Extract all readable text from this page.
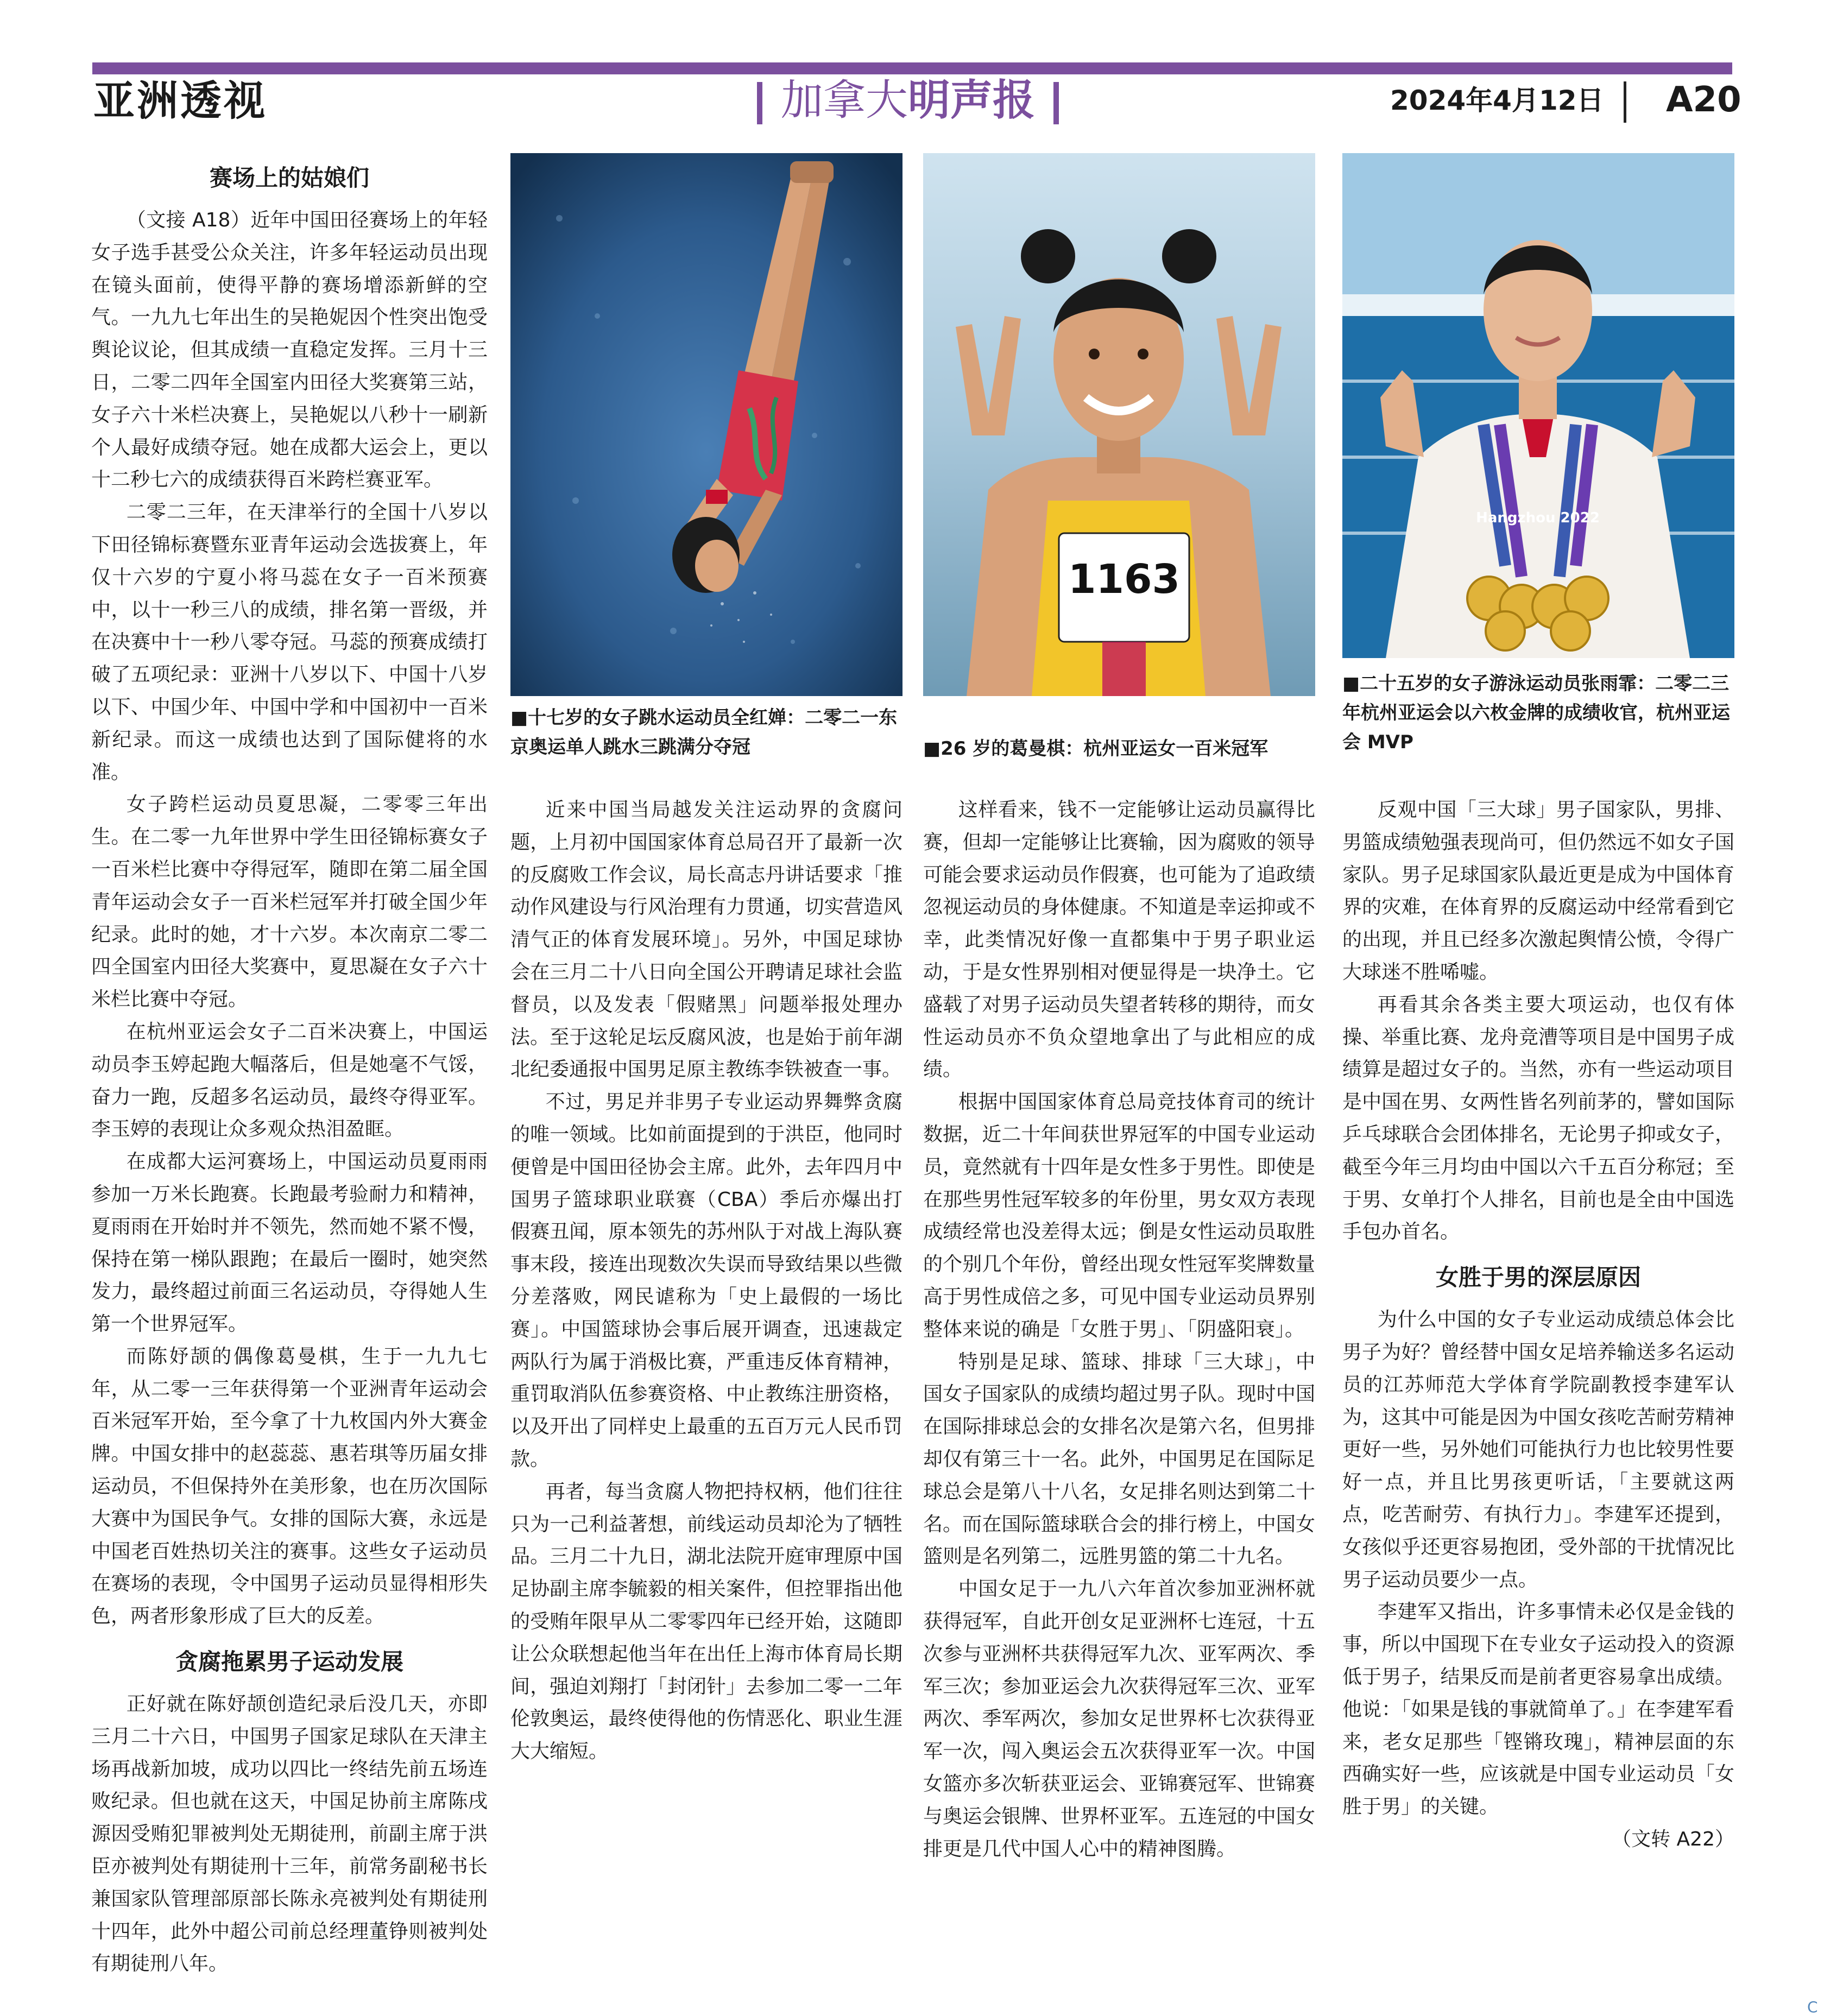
亚洲透视	加拿大明声报	2024年4月12日 A20
■十七岁的女子跳水运动员全红婵：二零二一东京奥运单人跳水三跳满分夺冠
1163
■26 岁的葛曼棋：杭州亚运女一百米冠军
Hangzhou 2022
■二十五岁的女子游泳运动员张雨霏：二零二三年杭州亚运会以六枚金牌的成绩收官，杭州亚运会 MVP
赛场上的姑娘们

（文接 A18）近年中国田径赛场上的年轻女子选手甚受公众关注，许多年轻运动员出现在镜头面前，使得平静的赛场增添新鲜的空气。一九九七年出生的吴艳妮因个性突出饱受舆论议论，但其成绩一直稳定发挥。三月十三日，二零二四年全国室内田径大奖赛第三站，女子六十米栏决赛上，吴艳妮以八秒十一刷新个人最好成绩夺冠。她在成都大运会上，更以十二秒七六的成绩获得百米跨栏赛亚军。

二零二三年，在天津举行的全国十八岁以下田径锦标赛暨东亚青年运动会选拔赛上，年仅十六岁的宁夏小将马蕊在女子一百米预赛中，以十一秒三八的成绩，排名第一晋级，并在决赛中十一秒八零夺冠。马蕊的预赛成绩打破了五项纪录：亚洲十八岁以下、中国十八岁以下、中国少年、中国中学和中国初中一百米新纪录。而这一成绩也达到了国际健将的水准。

女子跨栏运动员夏思凝，二零零三年出生。在二零一九年世界中学生田径锦标赛女子一百米栏比赛中夺得冠军，随即在第二届全国青年运动会女子一百米栏冠军并打破全国少年纪录。此时的她，才十六岁。本次南京二零二四全国室内田径大奖赛中，夏思凝在女子六十米栏比赛中夺冠。

在杭州亚运会女子二百米决赛上，中国运动员李玉婷起跑大幅落后，但是她毫不气馁，奋力一跑，反超多名运动员，最终夺得亚军。李玉婷的表现让众多观众热泪盈眶。

在成都大运河赛场上，中国运动员夏雨雨参加一万米长跑赛。长跑最考验耐力和精神，夏雨雨在开始时并不领先，然而她不紧不慢，保持在第一梯队跟跑；在最后一圈时，她突然发力，最终超过前面三名运动员，夺得她人生第一个世界冠军。

而陈妤颉的偶像葛曼棋，生于一九九七年，从二零一三年获得第一个亚洲青年运动会百米冠军开始，至今拿了十九枚国内外大赛金牌。中国女排中的赵蕊蕊、惠若琪等历届女排运动员，不但保持外在美形象，也在历次国际大赛中为国民争气。女排的国际大赛，永远是中国老百姓热切关注的赛事。这些女子运动员在赛场的表现，令中国男子运动员显得相形失色，两者形象形成了巨大的反差。

贪腐拖累男子运动发展

正好就在陈妤颉创造纪录后没几天，亦即三月二十六日，中国男子国家足球队在天津主场再战新加坡，成功以四比一终结先前五场连败纪录。但也就在这天，中国足协前主席陈戌源因受贿犯罪被判处无期徒刑，前副主席于洪臣亦被判处有期徒刑十三年，前常务副秘书长兼国家队管理部原部长陈永亮被判处有期徒刑十四年，此外中超公司前总经理董铮则被判处有期徒刑八年。

近来中国当局越发关注运动界的贪腐问题，上月初中国国家体育总局召开了最新一次的反腐败工作会议，局长高志丹讲话要求「推动作风建设与行风治理有力贯通，切实营造风清气正的体育发展环境」。另外，中国足球协会在三月二十八日向全国公开聘请足球社会监督员，以及发表「假赌黑」问题举报处理办法。至于这轮足坛反腐风波，也是始于前年湖北纪委通报中国男足原主教练李铁被查一事。

不过，男足并非男子专业运动界舞弊贪腐的唯一领域。比如前面提到的于洪臣，他同时便曾是中国田径协会主席。此外，去年四月中国男子篮球职业联赛（CBA）季后亦爆出打假赛丑闻，原本领先的苏州队于对战上海队赛事末段，接连出现数次失误而导致结果以些微分差落败，网民谑称为「史上最假的一场比赛」。中国篮球协会事后展开调查，迅速裁定两队行为属于消极比赛，严重违反体育精神，重罚取消队伍参赛资格、中止教练注册资格，以及开出了同样史上最重的五百万元人民币罚款。

再者，每当贪腐人物把持权柄，他们往往只为一己利益著想，前线运动员却沦为了牺牲品。三月二十九日，湖北法院开庭审理原中国足协副主席李毓毅的相关案件，但控罪指出他的受贿年限早从二零零四年已经开始，这随即让公众联想起他当年在出任上海市体育局长期间，强迫刘翔打「封闭针」去参加二零一二年伦敦奥运，最终使得他的伤情恶化、职业生涯大大缩短。

这样看来，钱不一定能够让运动员赢得比赛，但却一定能够让比赛输，因为腐败的领导可能会要求运动员作假赛，也可能为了追政绩忽视运动员的身体健康。不知道是幸运抑或不幸，此类情况好像一直都集中于男子职业运动，于是女性界别相对便显得是一块净土。它盛载了对男子运动员失望者转移的期待，而女性运动员亦不负众望地拿出了与此相应的成绩。

根据中国国家体育总局竞技体育司的统计数据，近二十年间获世界冠军的中国专业运动员，竟然就有十四年是女性多于男性。即使是在那些男性冠军较多的年份里，男女双方表现成绩经常也没差得太远；倒是女性运动员取胜的个别几个年份，曾经出现女性冠军奖牌数量高于男性成倍之多，可见中国专业运动员界别整体来说的确是「女胜于男」、「阴盛阳衰」。

特别是足球、篮球、排球「三大球」，中国女子国家队的成绩均超过男子队。现时中国在国际排球总会的女排名次是第六名，但男排却仅有第三十一名。此外，中国男足在国际足球总会是第八十八名，女足排名则达到第二十名。而在国际篮球联合会的排行榜上，中国女篮则是名列第二，远胜男篮的第二十九名。

中国女足于一九八六年首次参加亚洲杯就获得冠军，自此开创女足亚洲杯七连冠，十五次参与亚洲杯共获得冠军九次、亚军两次、季军三次；参加亚运会九次获得冠军三次、亚军两次、季军两次，参加女足世界杯七次获得亚军一次，闯入奥运会五次获得亚军一次。中国女篮亦多次斩获亚运会、亚锦赛冠军、世锦赛与奥运会银牌、世界杯亚军。五连冠的中国女排更是几代中国人心中的精神图腾。

反观中国「三大球」男子国家队，男排、男篮成绩勉强表现尚可，但仍然远不如女子国家队。男子足球国家队最近更是成为中国体育界的灾难，在体育界的反腐运动中经常看到它的出现，并且已经多次激起舆情公愤，令得广大球迷不胜唏嘘。

再看其余各类主要大项运动，也仅有体操、举重比赛、龙舟竞漕等项目是中国男子成绩算是超过女子的。当然，亦有一些运动项目是中国在男、女两性皆名列前茅的，譬如国际乒乓球联合会团体排名，无论男子抑或女子，截至今年三月均由中国以六千五百分称冠；至于男、女单打个人排名，目前也是全由中国选手包办首名。

女胜于男的深层原因

为什么中国的女子专业运动成绩总体会比男子为好？曾经替中国女足培养输送多名运动员的江苏师范大学体育学院副教授李建军认为，这其中可能是因为中国女孩吃苦耐劳精神更好一些，另外她们可能执行力也比较男性要好一点，并且比男孩更听话，「主要就这两点，吃苦耐劳、有执行力」。李建军还提到，女孩似乎还更容易抱团，受外部的干扰情况比男子运动员要少一点。

李建军又指出，许多事情未必仅是金钱的事，所以中国现下在专业女子运动投入的资源低于男子，结果反而是前者更容易拿出成绩。他说：「如果是钱的事就简单了。」在李建军看来，老女足那些「铿锵玫瑰」，精神层面的东西确实好一些，应该就是中国专业运动员「女胜于男」的关键。

（文转 A22）

C
